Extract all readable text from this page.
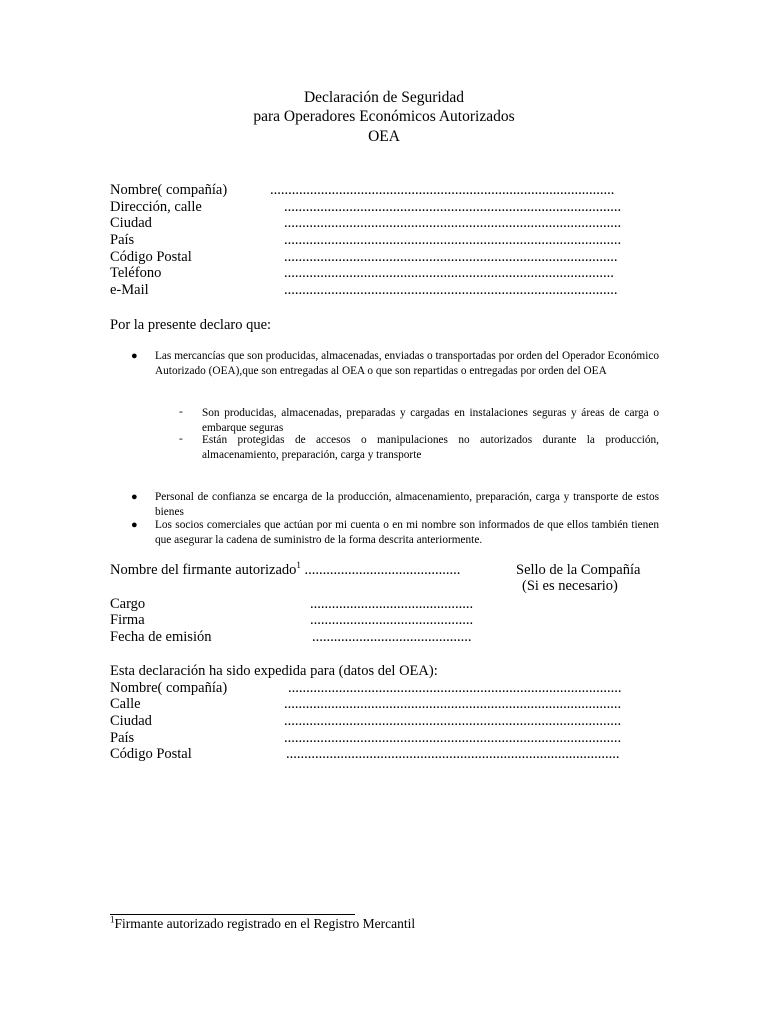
Declaración de Seguridad
para Operadores Económicos Autorizados
OEA
Nombre( compañía)	...............................................................................................
Dirección, calle	.............................................................................................
Ciudad	.............................................................................................
País	.............................................................................................
Código Postal	............................................................................................
Teléfono	...........................................................................................
e-Mail	............................................................................................
Por la presente declaro que:
● Las mercancías que son producidas, almacenadas, enviadas o transportadas por orden del Operador Económico Autorizado (OEA),que son entregadas al OEA o que son repartidas o entregadas por orden del OEA
- Son producidas, almacenadas, preparadas y cargadas en instalaciones seguras y áreas de carga o embarque seguras
- Están protegidas de accesos o manipulaciones no autorizados durante la producción, almacenamiento, preparación, carga y transporte
● Personal de confianza se encarga de la producción, almacenamiento, preparación, carga y transporte de estos bienes
● Los socios comerciales que actúan por mi cuenta o en mi nombre son informados de que ellos también tienen que asegurar la cadena de suministro de la forma descrita anteriormente.
Nombre del firmante autorizado$^1$ ...........................................	Sello de la Compañía
(Si es necesario)
Cargo	.............................................
Firma	.............................................
Fecha de emisión	............................................
Esta declaración ha sido expedida para (datos del OEA):
Nombre( compañía)	............................................................................................
Calle	.............................................................................................
Ciudad	.............................................................................................
País	.............................................................................................
Código Postal	............................................................................................
$^1$Firmante autorizado registrado en el Registro Mercantil
